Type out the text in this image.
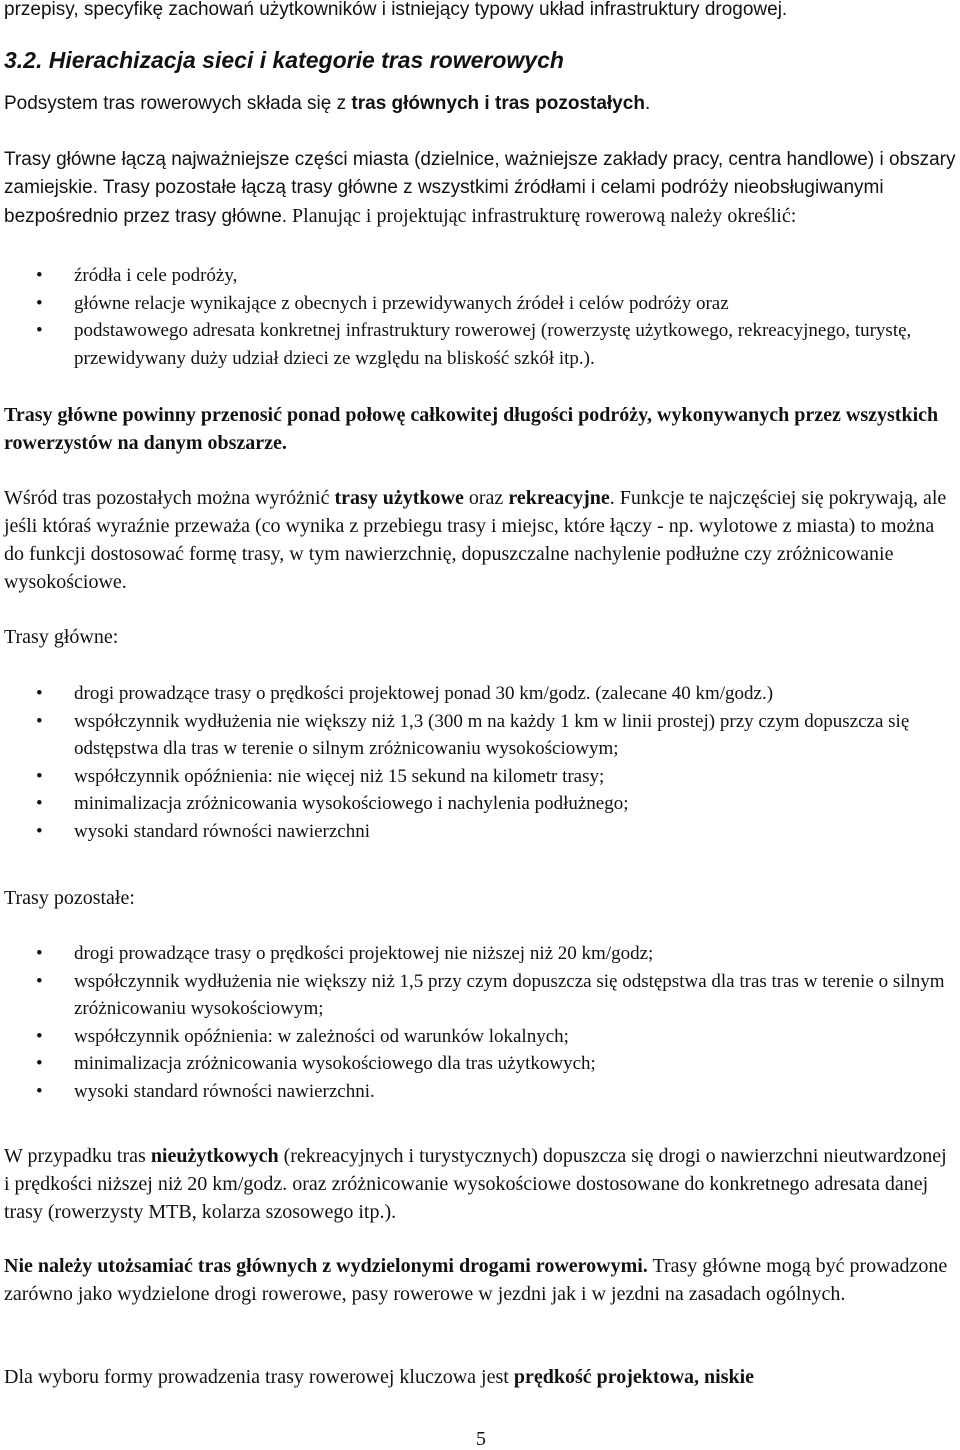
przepisy, specyfikę zachowań użytkowników i istniejący typowy układ infrastruktury drogowej.

3.2. Hierachizacja sieci i kategorie tras rowerowych

Podsystem tras rowerowych składa się z tras głównych i tras pozostałych.

Trasy główne łączą najważniejsze części miasta (dzielnice, ważniejsze zakłady pracy, centra handlowe) i obszary zamiejskie. Trasy pozostałe łączą trasy główne z wszystkimi źródłami i celami podróży nieobsługiwanymi bezpośrednio przez trasy główne. Planując i projektując infrastrukturę rowerową należy określić:

• źródła i cele podróży,
• główne relacje wynikające z obecnych i przewidywanych źródeł i celów podróży oraz
• podstawowego adresata konkretnej infrastruktury rowerowej (rowerzystę użytkowego, rekreacyjnego, turystę, przewidywany duży udział dzieci ze względu na bliskość szkół itp.).

Trasy główne powinny przenosić ponad połowę całkowitej długości podróży, wykonywanych przez wszystkich rowerzystów na danym obszarze.

Wśród tras pozostałych można wyróżnić trasy użytkowe oraz rekreacyjne. Funkcje te najczęściej się pokrywają, ale jeśli któraś wyraźnie przeważa (co wynika z przebiegu trasy i miejsc, które łączy - np. wylotowe z miasta) to można do funkcji dostosować formę trasy, w tym nawierzchnię, dopuszczalne nachylenie podłużne czy zróżnicowanie wysokościowe.

Trasy główne:

• drogi prowadzące trasy o prędkości projektowej ponad 30 km/godz. (zalecane 40 km/godz.)
• współczynnik wydłużenia nie większy niż 1,3 (300 m na każdy 1 km w linii prostej) przy czym dopuszcza się odstępstwa dla tras w terenie o silnym zróżnicowaniu wysokościowym;
• współczynnik opóźnienia: nie więcej niż 15 sekund na kilometr trasy;
• minimalizacja zróżnicowania wysokościowego i nachylenia podłużnego;
• wysoki standard równości nawierzchni

Trasy pozostałe:

• drogi prowadzące trasy o prędkości projektowej nie niższej niż 20 km/godz;
• współczynnik wydłużenia nie większy niż 1,5 przy czym dopuszcza się odstępstwa dla tras tras w terenie o silnym zróżnicowaniu wysokościowym;
• współczynnik opóźnienia: w zależności od warunków lokalnych;
• minimalizacja zróżnicowania wysokościowego dla tras użytkowych;
• wysoki standard równości nawierzchni.

W przypadku tras nieużytkowych (rekreacyjnych i turystycznych) dopuszcza się drogi o nawierzchni nieutwardzonej i prędkości niższej niż 20 km/godz. oraz zróżnicowanie wysokościowe dostosowane do konkretnego adresata danej trasy (rowerzysty MTB, kolarza szosowego itp.).

Nie należy utożsamiać tras głównych z wydzielonymi drogami rowerowymi. Trasy główne mogą być prowadzone zarówno jako wydzielone drogi rowerowe, pasy rowerowe w jezdni jak i w jezdni na zasadach ogólnych.

Dla wyboru formy prowadzenia trasy rowerowej kluczowa jest prędkość projektowa, niskie

5
